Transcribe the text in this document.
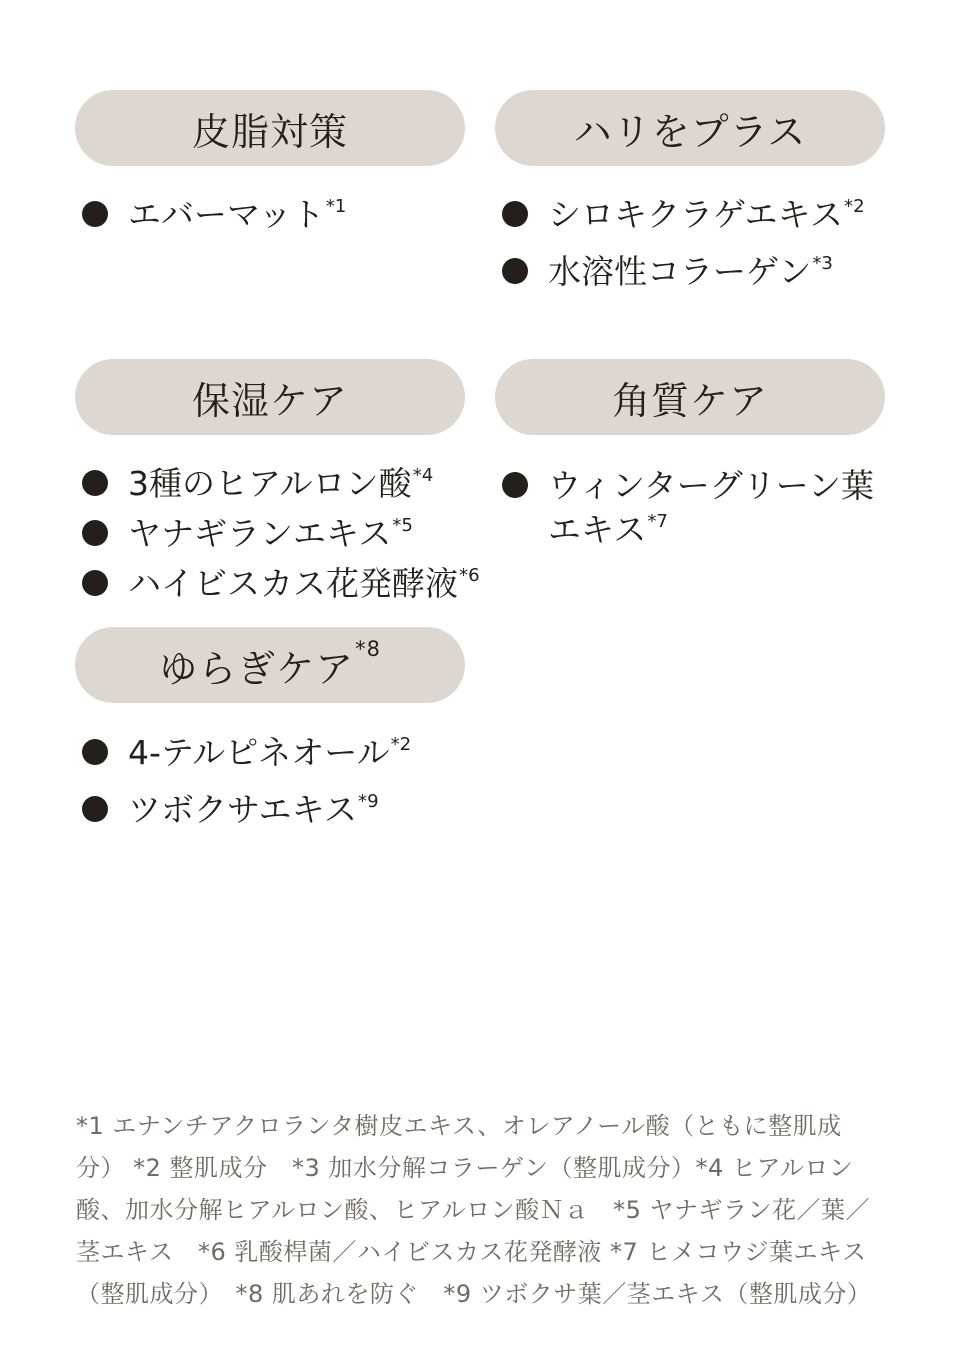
皮脂対策
エバーマット$^{*1}$
ハリをプラス
シロキクラゲエキス$^{*2}$
水溶性コラーゲン$^{*3}$
保湿ケア
3種のヒアルロン酸$^{*4}$
ヤナギランエキス$^{*5}$
ハイビスカス花発酵液$^{*6}$
角質ケア
ウィンターグリーン葉エキス$^{*7}$
ゆらぎケア$^{*8}$
4-テルピネオール$^{*2}$
ツボクサエキス$^{*9}$
*1 エナンチアクロランタ樹皮エキス、オレアノール酸（ともに整肌成分） *2 整肌成分　*3 加水分解コラーゲン（整肌成分）*4 ヒアルロン酸、加水分解ヒアルロン酸、ヒアルロン酸Ｎａ　*5 ヤナギラン花／葉／茎エキス　*6 乳酸桿菌／ハイビスカス花発酵液 *7 ヒメコウジ葉エキス（整肌成分）　*8 肌あれを防ぐ　*9 ツボクサ葉／茎エキス（整肌成分）
